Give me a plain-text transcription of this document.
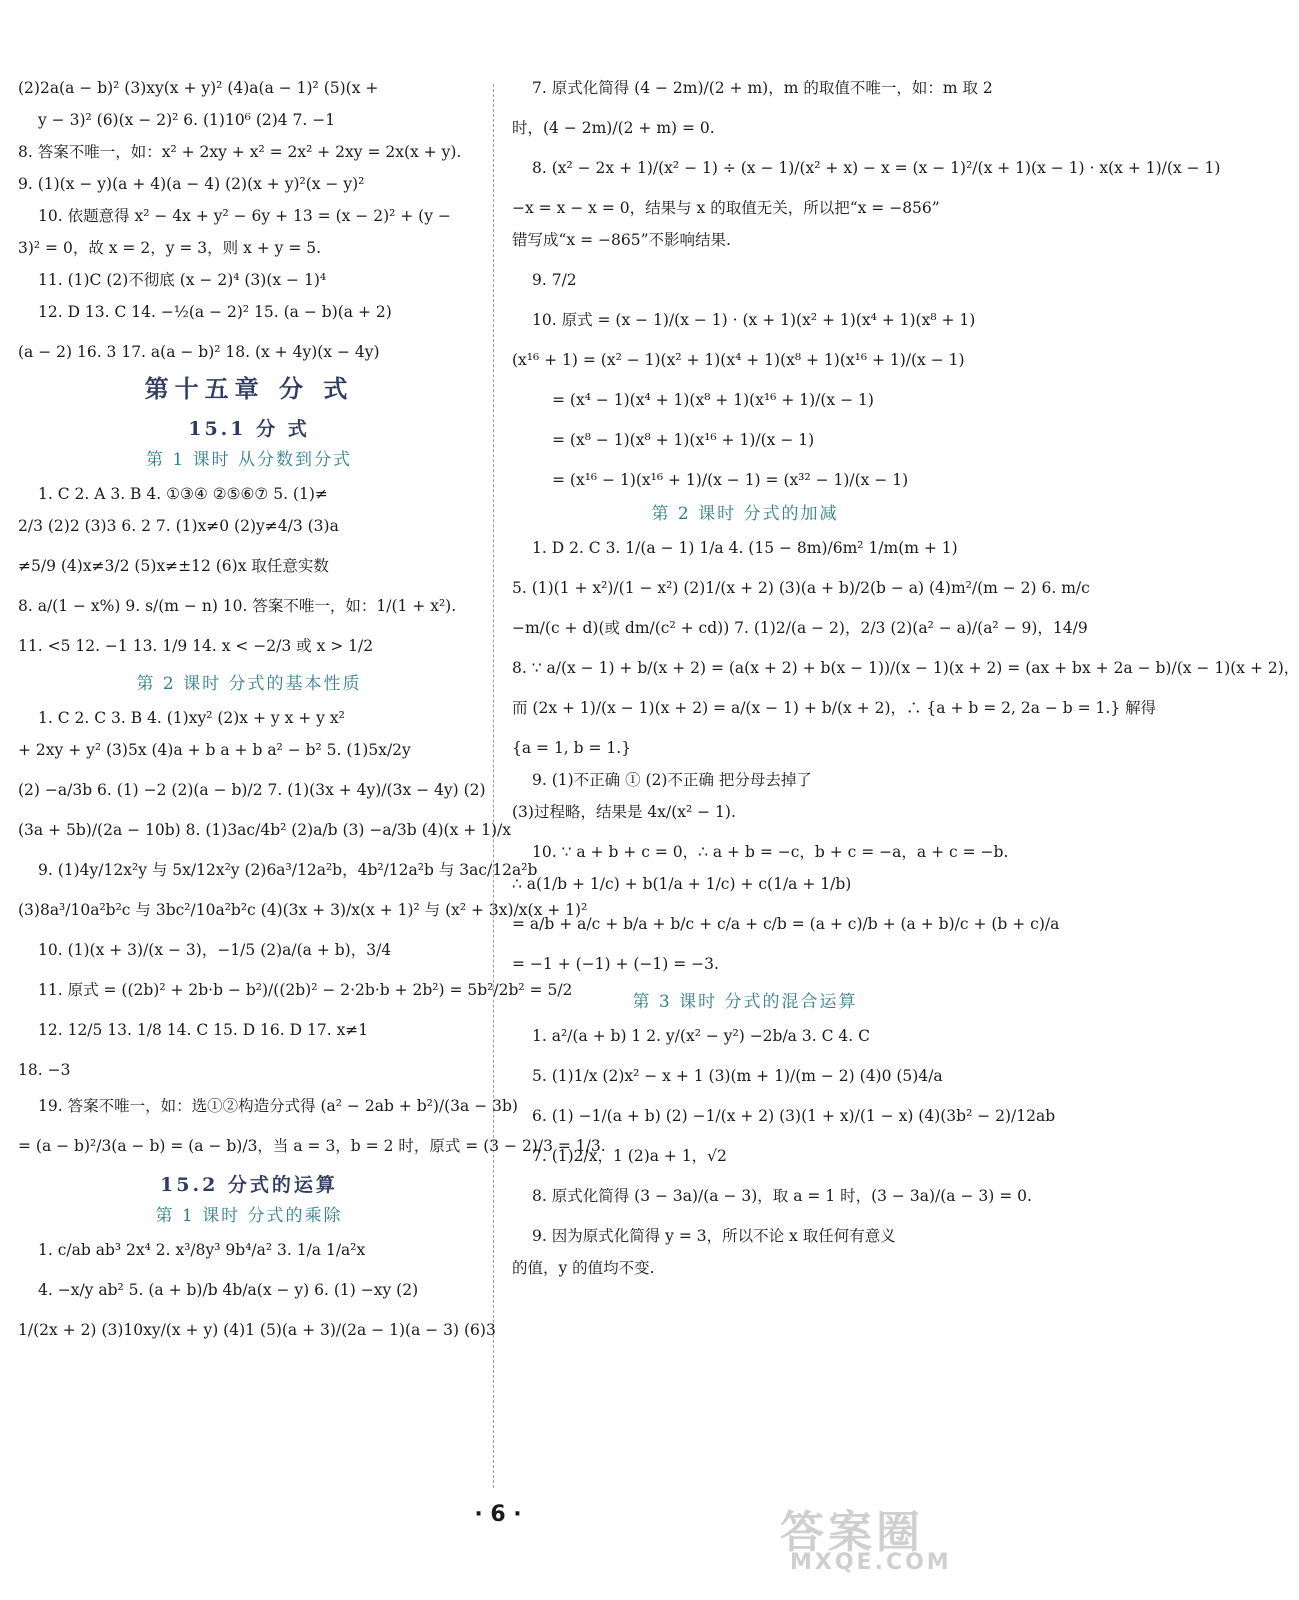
(2)2a(a − b)² (3)xy(x + y)² (4)a(a − 1)² (5)(x +
y − 3)² (6)(x − 2)² 6. (1)10⁶ (2)4 7. −1
8. 答案不唯一，如：x² + 2xy + x² = 2x² + 2xy = 2x(x + y).
9. (1)(x − y)(a + 4)(a − 4) (2)(x + y)²(x − y)²
10. 依题意得 x² − 4x + y² − 6y + 13 = (x − 2)² + (y −
3)² = 0，故 x = 2，y = 3，则 x + y = 5.
11. (1)C (2)不彻底 (x − 2)⁴ (3)(x − 1)⁴
12. D 13. C 14. −½(a − 2)² 15. (a − b)(a + 2)
(a − 2) 16. 3 17. a(a − b)² 18. (x + 4y)(x − 4y)
第十五章 分 式
15.1 分 式
第 1 课时 从分数到分式
1. C 2. A 3. B 4. ①③④ ②⑤⑥⑦ 5. (1)≠
2/3 (2)2 (3)3 6. 2 7. (1)x≠0 (2)y≠4/3 (3)a
≠5/9 (4)x≠3/2 (5)x≠±12 (6)x 取任意实数
8. a/(1 − x%) 9. s/(m − n) 10. 答案不唯一，如：1/(1 + x²).
11. <5 12. −1 13. 1/9 14. x < −2/3 或 x > 1/2
第 2 课时 分式的基本性质
1. C 2. C 3. B 4. (1)xy² (2)x + y x + y x²
+ 2xy + y² (3)5x (4)a + b a + b a² − b² 5. (1)5x/2y
(2) −a/3b 6. (1) −2 (2)(a − b)/2 7. (1)(3x + 4y)/(3x − 4y) (2)
(3a + 5b)/(2a − 10b) 8. (1)3ac/4b² (2)a/b (3) −a/3b (4)(x + 1)/x
9. (1)4y/12x²y 与 5x/12x²y (2)6a³/12a²b，4b²/12a²b 与 3ac/12a²b
(3)8a³/10a²b²c 与 3bc²/10a²b²c (4)(3x + 3)/x(x + 1)² 与 (x² + 3x)/x(x + 1)²
10. (1)(x + 3)/(x − 3)，−1/5 (2)a/(a + b)，3/4
11. 原式 = ((2b)² + 2b·b − b²)/((2b)² − 2·2b·b + 2b²) = 5b²/2b² = 5/2
12. 12/5 13. 1/8 14. C 15. D 16. D 17. x≠1
18. −3
19. 答案不唯一，如：选①②构造分式得 (a² − 2ab + b²)/(3a − 3b)
= (a − b)²/3(a − b) = (a − b)/3，当 a = 3，b = 2 时，原式 = (3 − 2)/3 = 1/3.
15.2 分式的运算
第 1 课时 分式的乘除
1. c/ab ab³ 2x⁴ 2. x³/8y³ 9b⁴/a² 3. 1/a 1/a²x
4. −x/y ab² 5. (a + b)/b 4b/a(x − y) 6. (1) −xy (2)
1/(2x + 2) (3)10xy/(x + y) (4)1 (5)(a + 3)/(2a − 1)(a − 3) (6)3
7. 原式化简得 (4 − 2m)/(2 + m)，m 的取值不唯一，如：m 取 2
时，(4 − 2m)/(2 + m) = 0.
8. (x² − 2x + 1)/(x² − 1) ÷ (x − 1)/(x² + x) − x = (x − 1)²/(x + 1)(x − 1) · x(x + 1)/(x − 1)
−x = x − x = 0，结果与 x 的取值无关，所以把“x = −856”
错写成“x = −865”不影响结果.
9. 7/2
10. 原式 = (x − 1)/(x − 1) · (x + 1)(x² + 1)(x⁴ + 1)(x⁸ + 1)
(x¹⁶ + 1) = (x² − 1)(x² + 1)(x⁴ + 1)(x⁸ + 1)(x¹⁶ + 1)/(x − 1)
= (x⁴ − 1)(x⁴ + 1)(x⁸ + 1)(x¹⁶ + 1)/(x − 1)
= (x⁸ − 1)(x⁸ + 1)(x¹⁶ + 1)/(x − 1)
= (x¹⁶ − 1)(x¹⁶ + 1)/(x − 1) = (x³² − 1)/(x − 1)
第 2 课时 分式的加减
1. D 2. C 3. 1/(a − 1) 1/a 4. (15 − 8m)/6m² 1/m(m + 1)
5. (1)(1 + x²)/(1 − x²) (2)1/(x + 2) (3)(a + b)/2(b − a) (4)m²/(m − 2) 6. m/c
−m/(c + d)(或 dm/(c² + cd)) 7. (1)2/(a − 2)，2/3 (2)(a² − a)/(a² − 9)，14/9
8. ∵ a/(x − 1) + b/(x + 2) = (a(x + 2) + b(x − 1))/(x − 1)(x + 2) = (ax + bx + 2a − b)/(x − 1)(x + 2)，
而 (2x + 1)/(x − 1)(x + 2) = a/(x − 1) + b/(x + 2)，∴ {a + b = 2, 2a − b = 1.} 解得
{a = 1, b = 1.}
9. (1)不正确 ① (2)不正确 把分母去掉了
(3)过程略，结果是 4x/(x² − 1).
10. ∵ a + b + c = 0，∴ a + b = −c，b + c = −a，a + c = −b.
∴ a(1/b + 1/c) + b(1/a + 1/c) + c(1/a + 1/b)
= a/b + a/c + b/a + b/c + c/a + c/b = (a + c)/b + (a + b)/c + (b + c)/a
= −1 + (−1) + (−1) = −3.
第 3 课时 分式的混合运算
1. a²/(a + b) 1 2. y/(x² − y²) −2b/a 3. C 4. C
5. (1)1/x (2)x² − x + 1 (3)(m + 1)/(m − 2) (4)0 (5)4/a
6. (1) −1/(a + b) (2) −1/(x + 2) (3)(1 + x)/(1 − x) (4)(3b² − 2)/12ab
7. (1)2/x，1 (2)a + 1，√2
8. 原式化简得 (3 − 3a)/(a − 3)，取 a = 1 时，(3 − 3a)/(a − 3) = 0.
9. 因为原式化简得 y = 3，所以不论 x 取任何有意义
的值，y 的值均不变.
· 6 ·	答案圈
MXQE.COM
